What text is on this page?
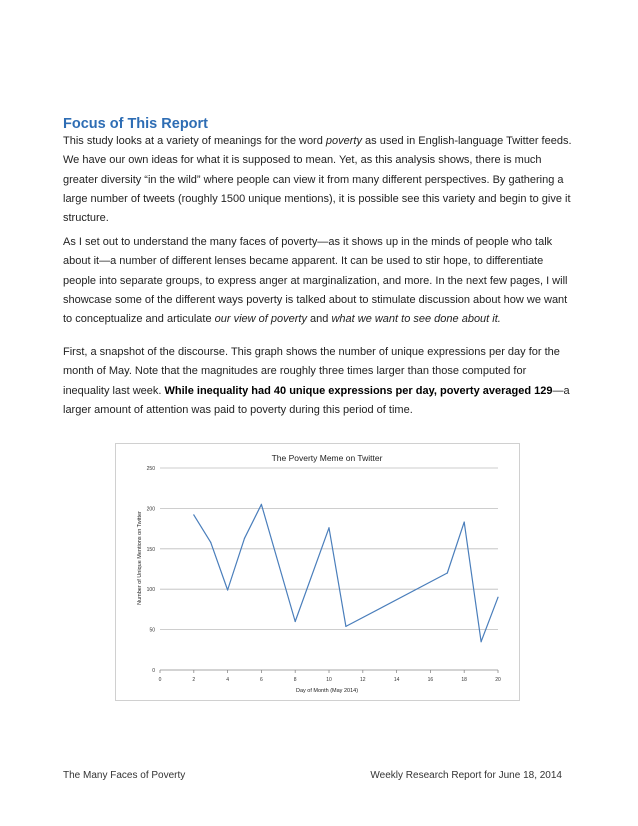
Focus of This Report

This study looks at a variety of meanings for the word poverty as used in English-language Twitter feeds. We have our own ideas for what it is supposed to mean. Yet, as this analysis shows, there is much greater diversity “in the wild” where people can view it from many different perspectives. By gathering a large number of tweets (roughly 1500 unique mentions), it is possible see this variety and begin to give it structure.

As I set out to understand the many faces of poverty—as it shows up in the minds of people who talk about it—a number of different lenses became apparent. It can be used to stir hope, to differentiate people into separate groups, to express anger at marginalization, and more. In the next few pages, I will showcase some of the different ways poverty is talked about to stimulate discussion about how we want to conceptualize and articulate our view of poverty and what we want to see done about it.

First, a snapshot of the discourse. This graph shows the number of unique expressions per day for the month of May. Note that the magnitudes are roughly three times larger than those computed for inequality last week. While inequality had 40 unique expressions per day, poverty averaged 129—a larger amount of attention was paid to poverty during this period of time.

The Poverty Meme on Twitter
0
50
100
150
200
250
0	2	4	6	8	10	12	14	16	18	20
Day of Month (May 2014)
Number of Unique Mentions on Twitter
The Many Faces of Poverty	Weekly Research Report for June 18, 2014
